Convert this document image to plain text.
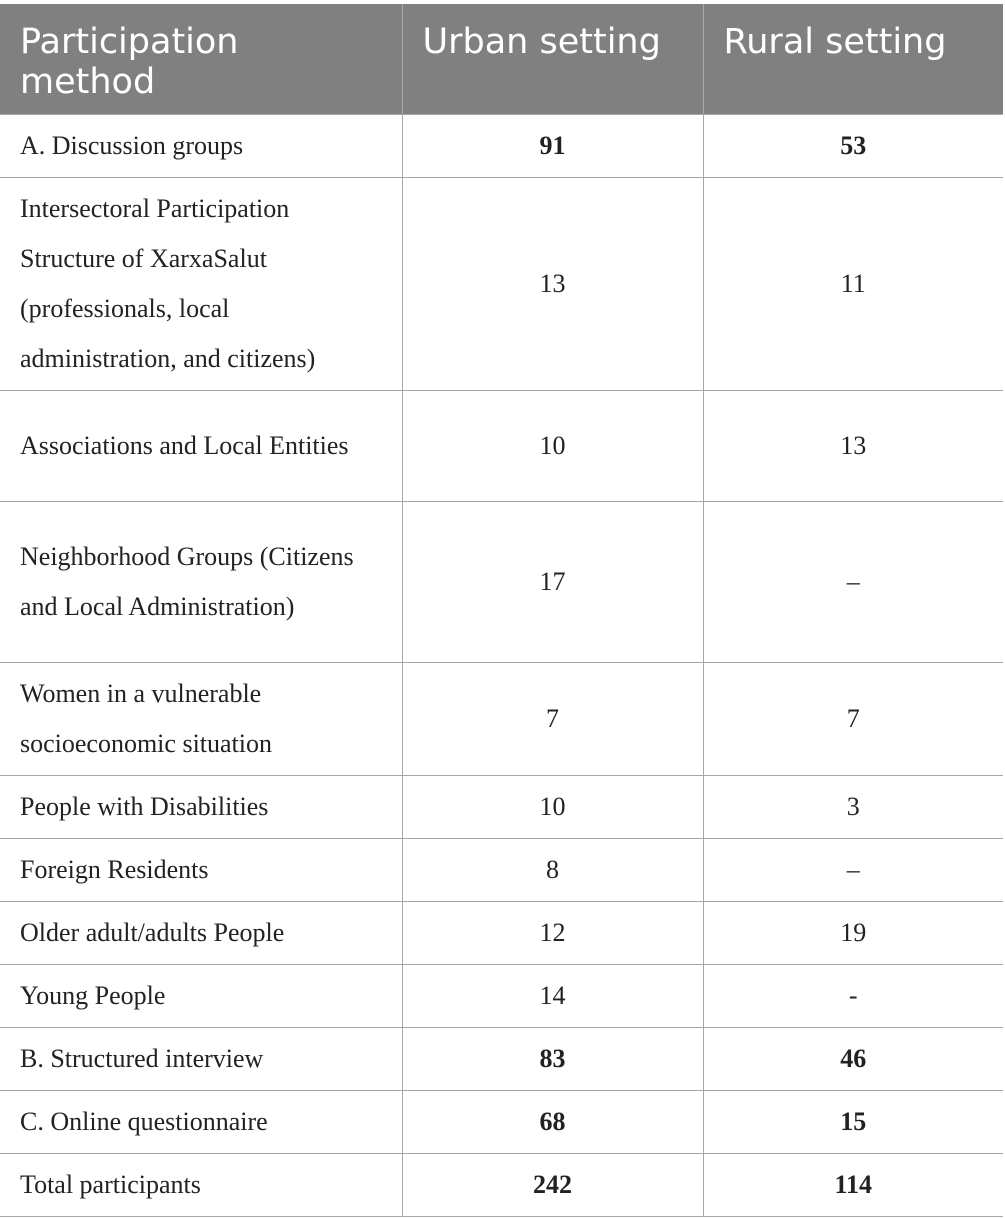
Participation method	Urban setting	Rural setting
A. Discussion groups	91	53
Intersectoral Participation Structure of XarxaSalut (professionals, local administration, and citizens)	13	11
Associations and Local Entities	10	13
Neighborhood Groups (Citizens and Local Administration)	17	–
Women in a vulnerable socioeconomic situation	7	7
People with Disabilities	10	3
Foreign Residents	8	–
Older adult/adults People	12	19
Young People	14	-
B. Structured interview	83	46
C. Online questionnaire	68	15
Total participants	242	114
